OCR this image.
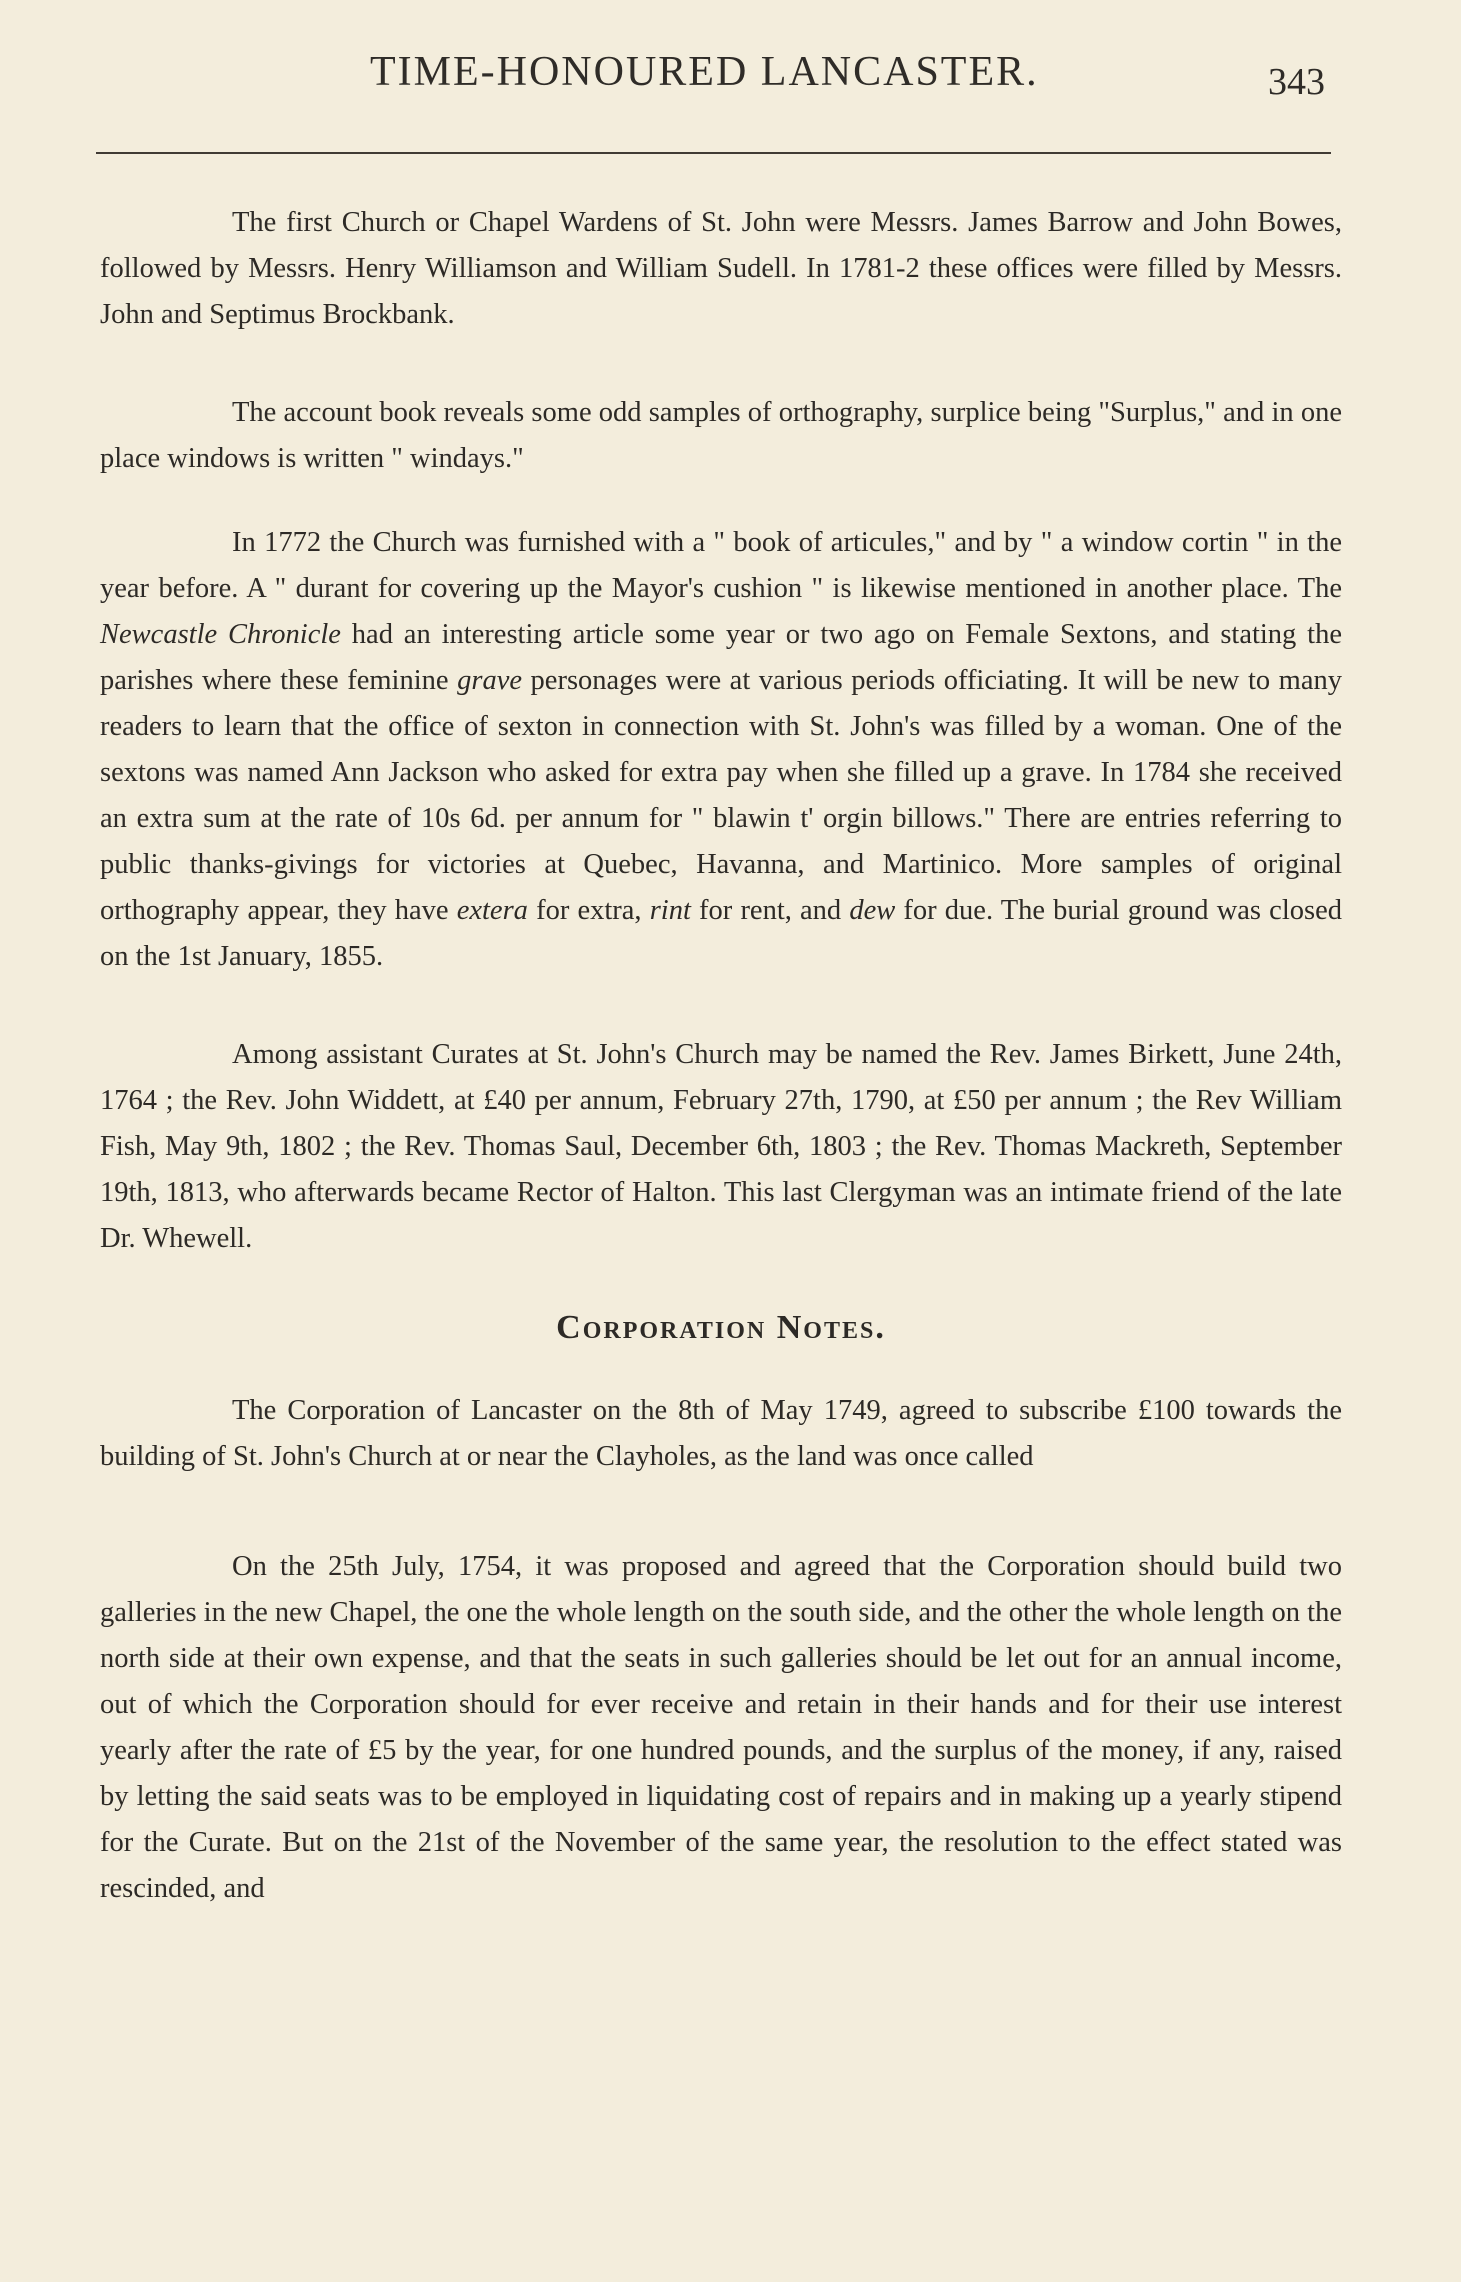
TIME-HONOURED LANCASTER.	343

The first Church or Chapel Wardens of St. John were Messrs. James Barrow and John Bowes, followed by Messrs. Henry Williamson and William Sudell. In 1781-2 these offices were filled by Messrs. John and Septimus Brockbank.

The account book reveals some odd samples of orthography, surplice being "Surplus," and in one place windows is written " windays."

In 1772 the Church was furnished with a " book of articules," and by " a window cortin " in the year before. A " durant for covering up the Mayor's cushion " is likewise mentioned in another place. The Newcastle Chronicle had an interesting article some year or two ago on Female Sextons, and stating the parishes where these feminine grave personages were at various periods officiating. It will be new to many readers to learn that the office of sexton in connection with St. John's was filled by a woman. One of the sextons was named Ann Jackson who asked for extra pay when she filled up a grave. In 1784 she received an extra sum at the rate of 10s 6d. per annum for " blawin t' orgin billows." There are entries referring to public thanks-givings for victories at Quebec, Havanna, and Martinico. More samples of original orthography appear, they have extera for extra, rint for rent, and dew for due. The burial ground was closed on the 1st January, 1855.

Among assistant Curates at St. John's Church may be named the Rev. James Birkett, June 24th, 1764 ; the Rev. John Widdett, at £40 per annum, February 27th, 1790, at £50 per annum ; the Rev William Fish, May 9th, 1802 ; the Rev. Thomas Saul, December 6th, 1803 ; the Rev. Thomas Mackreth, September 19th, 1813, who afterwards became Rector of Halton. This last Clergyman was an intimate friend of the late Dr. Whewell.

Corporation Notes.

The Corporation of Lancaster on the 8th of May 1749, agreed to subscribe £100 towards the building of St. John's Church at or near the Clayholes, as the land was once called

On the 25th July, 1754, it was proposed and agreed that the Corporation should build two galleries in the new Chapel, the one the whole length on the south side, and the other the whole length on the north side at their own expense, and that the seats in such galleries should be let out for an annual income, out of which the Corporation should for ever receive and retain in their hands and for their use interest yearly after the rate of £5 by the year, for one hundred pounds, and the surplus of the money, if any, raised by letting the said seats was to be employed in liquidating cost of repairs and in making up a yearly stipend for the Curate. But on the 21st of the November of the same year, the resolution to the effect stated was rescinded, and
